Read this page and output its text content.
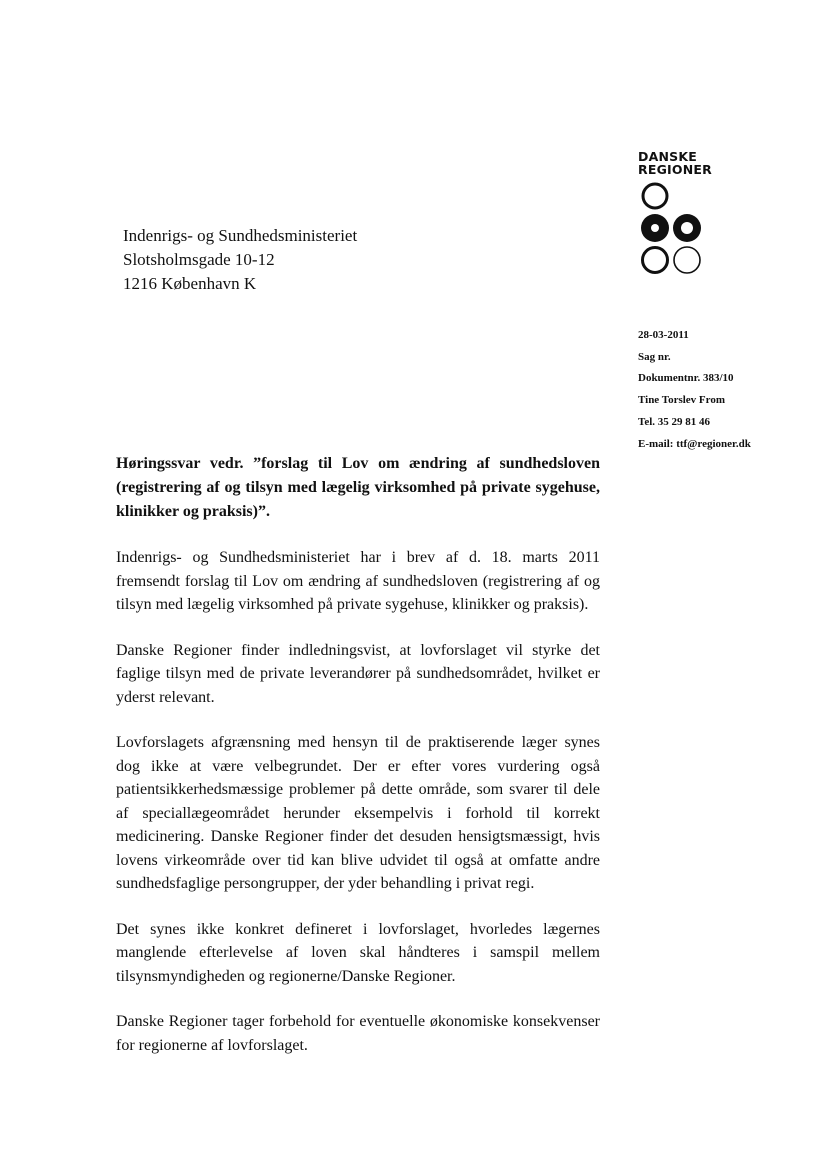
DANSKE
REGIONER
Indenrigs- og Sundhedsministeriet
Slotsholmsgade 10-12
1216 København K
28-03-2011
Sag nr.
Dokumentnr. 383/10
Tine Torslev From
Tel. 35 29 81 46
E-mail: ttf@regioner.dk

Høringssvar vedr. ”forslag til Lov om ændring af sundhedsloven (registrering af og tilsyn med lægelig virksomhed på private sygehuse, klinikker og praksis)”.

Indenrigs- og Sundhedsministeriet har i brev af d. 18. marts 2011 fremsendt forslag til Lov om ændring af sundhedsloven (registrering af og tilsyn med lægelig virksomhed på private sygehuse, klinikker og praksis).

Danske Regioner finder indledningsvist, at lovforslaget vil styrke det faglige tilsyn med de private leverandører på sundhedsområdet, hvilket er yderst relevant.

Lovforslagets afgrænsning med hensyn til de praktiserende læger synes dog ikke at være velbegrundet. Der er efter vores vurdering også patientsikkerhedsmæssige problemer på dette område, som svarer til dele af speciallægeområdet herunder eksempelvis i forhold til korrekt medicinering. Danske Regioner finder det desuden hensigtsmæssigt, hvis lovens virkeområde over tid kan blive udvidet til også at omfatte andre sundhedsfaglige persongrupper, der yder behandling i privat regi.

Det synes ikke konkret defineret i lovforslaget, hvorledes lægernes manglende efterlevelse af loven skal håndteres i samspil mellem tilsynsmyndigheden og regionerne/Danske Regioner.

Danske Regioner tager forbehold for eventuelle økonomiske konsekvenser for regionerne af lovforslaget.
